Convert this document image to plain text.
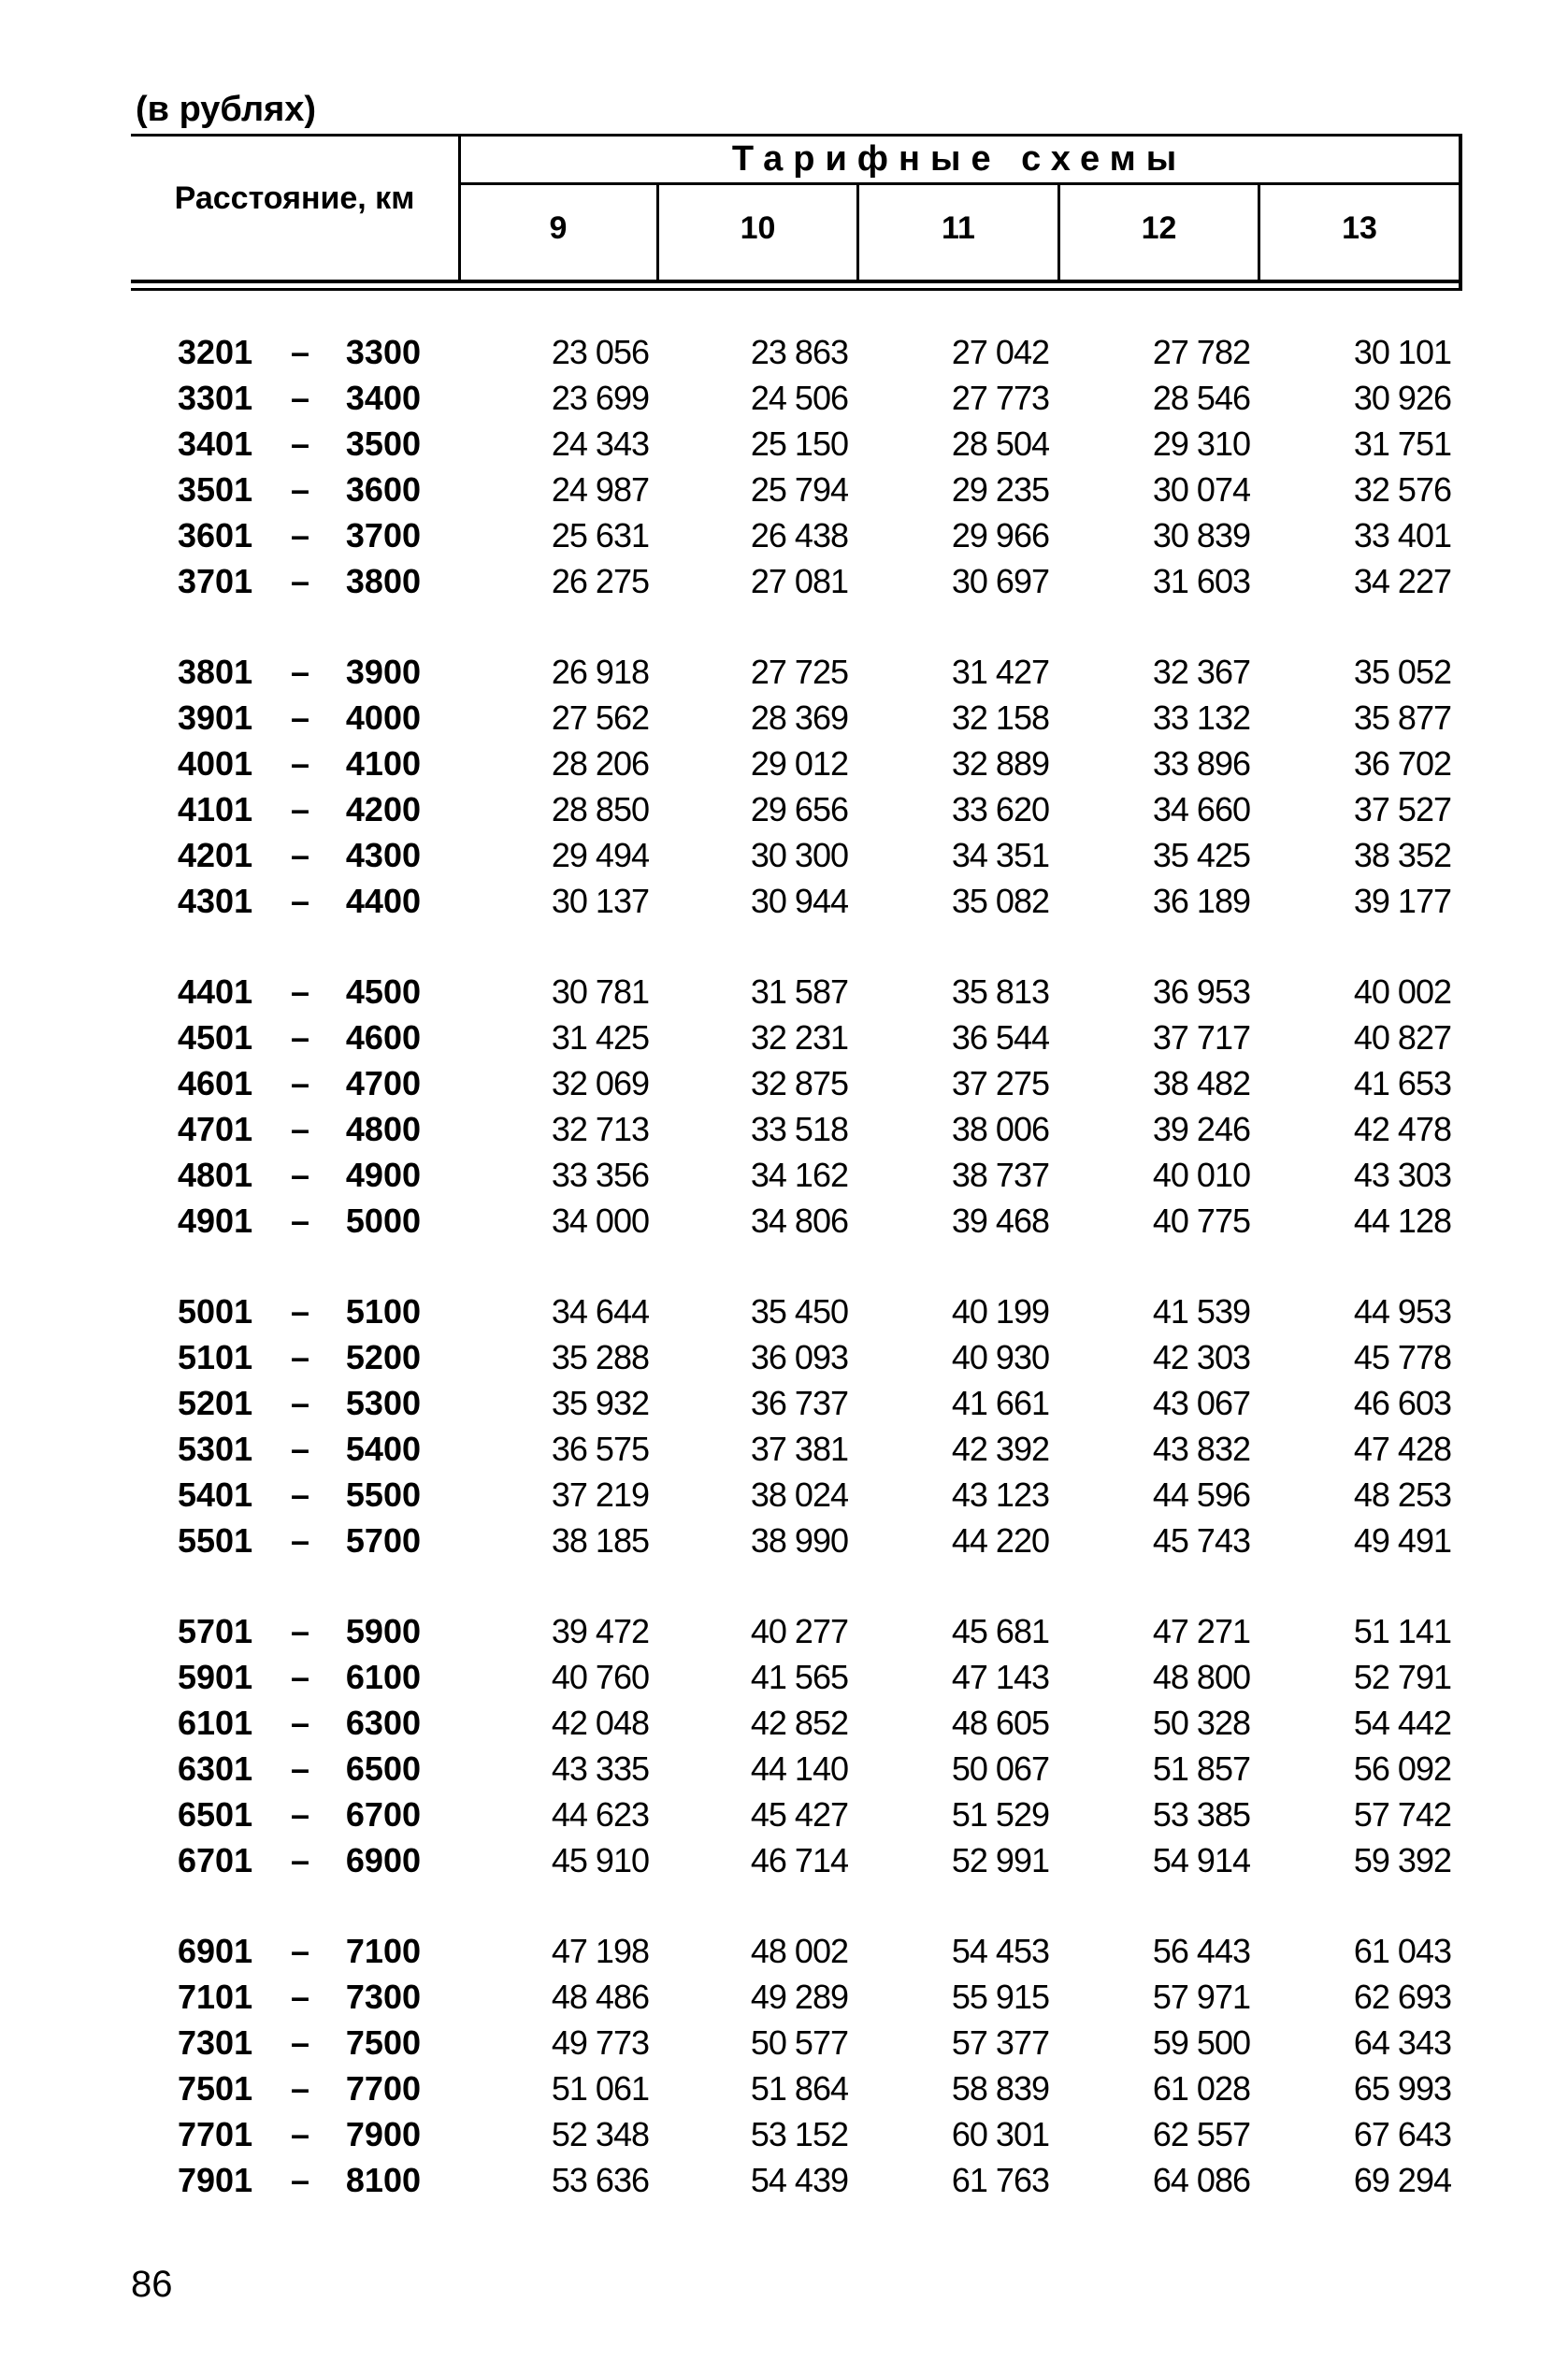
(в рублях)
Расстояние, км
Тарифные схемы
9	10	11	12	13
3201	–	3300	23 056	23 863	27 042	27 782	30 101
3301	–	3400	23 699	24 506	27 773	28 546	30 926
3401	–	3500	24 343	25 150	28 504	29 310	31 751
3501	–	3600	24 987	25 794	29 235	30 074	32 576
3601	–	3700	25 631	26 438	29 966	30 839	33 401
3701	–	3800	26 275	27 081	30 697	31 603	34 227
3801	–	3900	26 918	27 725	31 427	32 367	35 052
3901	–	4000	27 562	28 369	32 158	33 132	35 877
4001	–	4100	28 206	29 012	32 889	33 896	36 702
4101	–	4200	28 850	29 656	33 620	34 660	37 527
4201	–	4300	29 494	30 300	34 351	35 425	38 352
4301	–	4400	30 137	30 944	35 082	36 189	39 177
4401	–	4500	30 781	31 587	35 813	36 953	40 002
4501	–	4600	31 425	32 231	36 544	37 717	40 827
4601	–	4700	32 069	32 875	37 275	38 482	41 653
4701	–	4800	32 713	33 518	38 006	39 246	42 478
4801	–	4900	33 356	34 162	38 737	40 010	43 303
4901	–	5000	34 000	34 806	39 468	40 775	44 128
5001	–	5100	34 644	35 450	40 199	41 539	44 953
5101	–	5200	35 288	36 093	40 930	42 303	45 778
5201	–	5300	35 932	36 737	41 661	43 067	46 603
5301	–	5400	36 575	37 381	42 392	43 832	47 428
5401	–	5500	37 219	38 024	43 123	44 596	48 253
5501	–	5700	38 185	38 990	44 220	45 743	49 491
5701	–	5900	39 472	40 277	45 681	47 271	51 141
5901	–	6100	40 760	41 565	47 143	48 800	52 791
6101	–	6300	42 048	42 852	48 605	50 328	54 442
6301	–	6500	43 335	44 140	50 067	51 857	56 092
6501	–	6700	44 623	45 427	51 529	53 385	57 742
6701	–	6900	45 910	46 714	52 991	54 914	59 392
6901	–	7100	47 198	48 002	54 453	56 443	61 043
7101	–	7300	48 486	49 289	55 915	57 971	62 693
7301	–	7500	49 773	50 577	57 377	59 500	64 343
7501	–	7700	51 061	51 864	58 839	61 028	65 993
7701	–	7900	52 348	53 152	60 301	62 557	67 643
7901	–	8100	53 636	54 439	61 763	64 086	69 294
86
